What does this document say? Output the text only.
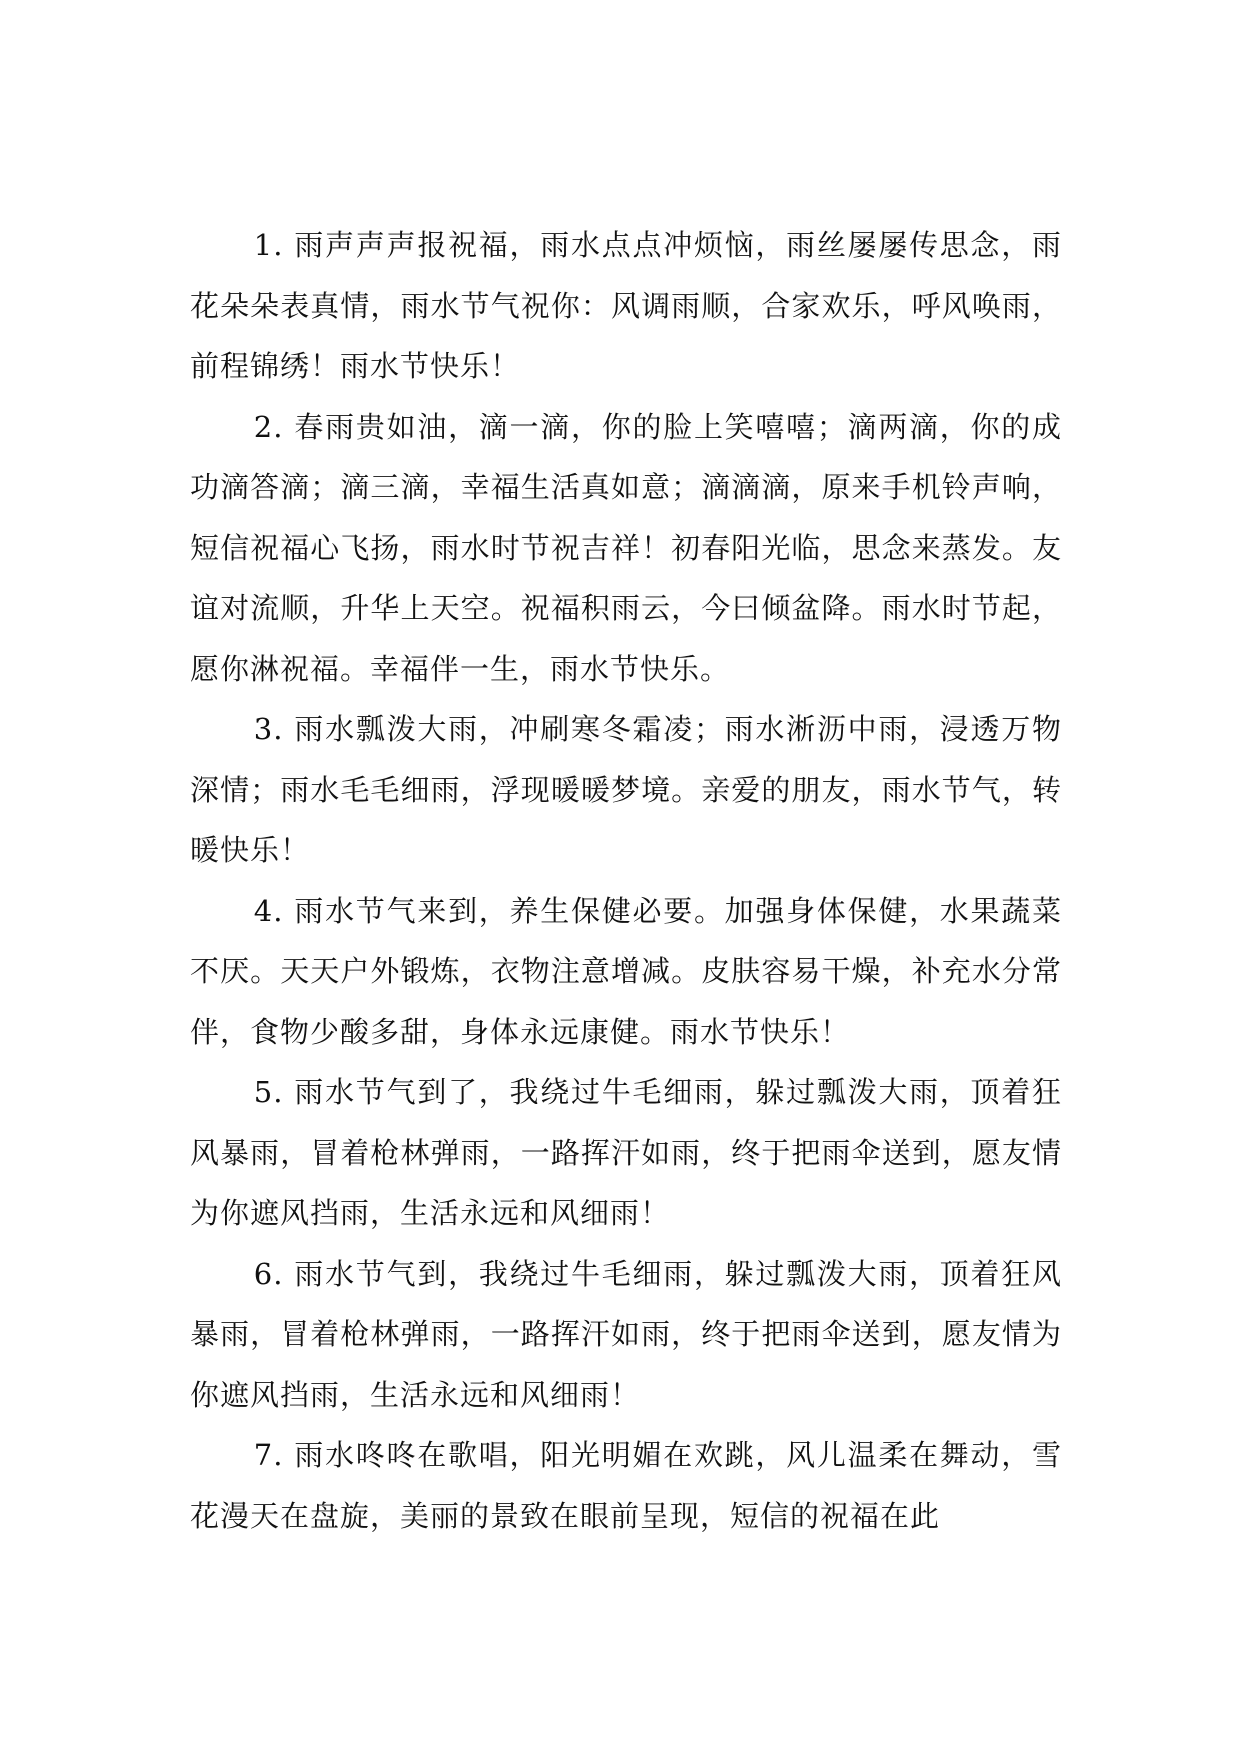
1. 雨声声声报祝福，雨水点点冲烦恼，雨丝屡屡传思念，雨花朵朵表真情，雨水节气祝你：风调雨顺，合家欢乐，呼风唤雨，前程锦绣！雨水节快乐！

2. 春雨贵如油，滴一滴，你的脸上笑嘻嘻；滴两滴，你的成功滴答滴；滴三滴，幸福生活真如意；滴滴滴，原来手机铃声响，短信祝福心飞扬，雨水时节祝吉祥！初春阳光临，思念来蒸发。友谊对流顺，升华上天空。祝福积雨云，今曰倾盆降。雨水时节起，愿你淋祝福。幸福伴一生，雨水节快乐。

3. 雨水瓢泼大雨，冲刷寒冬霜凌；雨水淅沥中雨，浸透万物深情；雨水毛毛细雨，浮现暖暖梦境。亲爱的朋友，雨水节气，转暖快乐！

4. 雨水节气来到，养生保健必要。加强身体保健，水果蔬菜不厌。天天户外锻炼，衣物注意增减。皮肤容易干燥，补充水分常伴，食物少酸多甜，身体永远康健。雨水节快乐！

5. 雨水节气到了，我绕过牛毛细雨，躲过瓢泼大雨，顶着狂风暴雨，冒着枪林弹雨，一路挥汗如雨，终于把雨伞送到，愿友情为你遮风挡雨，生活永远和风细雨！

6. 雨水节气到，我绕过牛毛细雨，躲过瓢泼大雨，顶着狂风暴雨，冒着枪林弹雨，一路挥汗如雨，终于把雨伞送到，愿友情为你遮风挡雨，生活永远和风细雨！

7. 雨水咚咚在歌唱，阳光明媚在欢跳，风儿温柔在舞动，雪花漫天在盘旋，美丽的景致在眼前呈现，短信的祝福在此
